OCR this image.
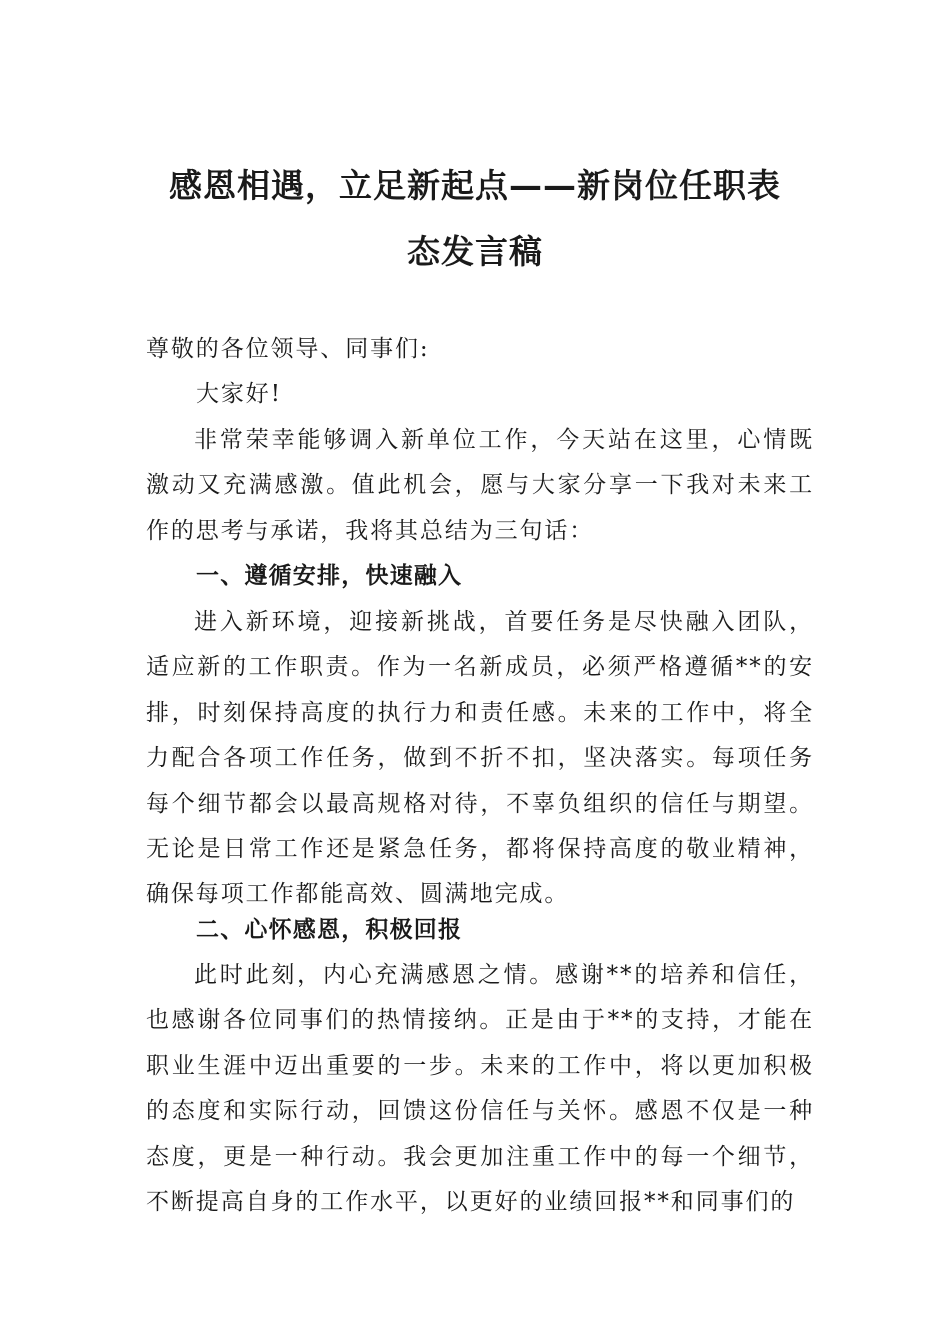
感恩相遇，立足新起点——新岗位任职表
态发言稿

尊敬的各位领导、同事们:

大家好!

非常荣幸能够调入新单位工作，今天站在这里，心情既激动又充满感激。值此机会，愿与大家分享一下我对未来工作的思考与承诺，我将其总结为三句话：

一、遵循安排，快速融入

进入新环境，迎接新挑战，首要任务是尽快融入团队，适应新的工作职责。作为一名新成员，必须严格遵循**的安排，时刻保持高度的执行力和责任感。未来的工作中，将全力配合各项工作任务，做到不折不扣，坚决落实。每项任务每个细节都会以最高规格对待，不辜负组织的信任与期望。无论是日常工作还是紧急任务，都将保持高度的敬业精神，确保每项工作都能高效、圆满地完成。

二、心怀感恩，积极回报

此时此刻，内心充满感恩之情。感谢**的培养和信任，也感谢各位同事们的热情接纳。正是由于**的支持，才能在职业生涯中迈出重要的一步。未来的工作中，将以更加积极的态度和实际行动，回馈这份信任与关怀。感恩不仅是一种态度，更是一种行动。我会更加注重工作中的每一个细节，不断提高自身的工作水平，以更好的业绩回报**和同事们的
